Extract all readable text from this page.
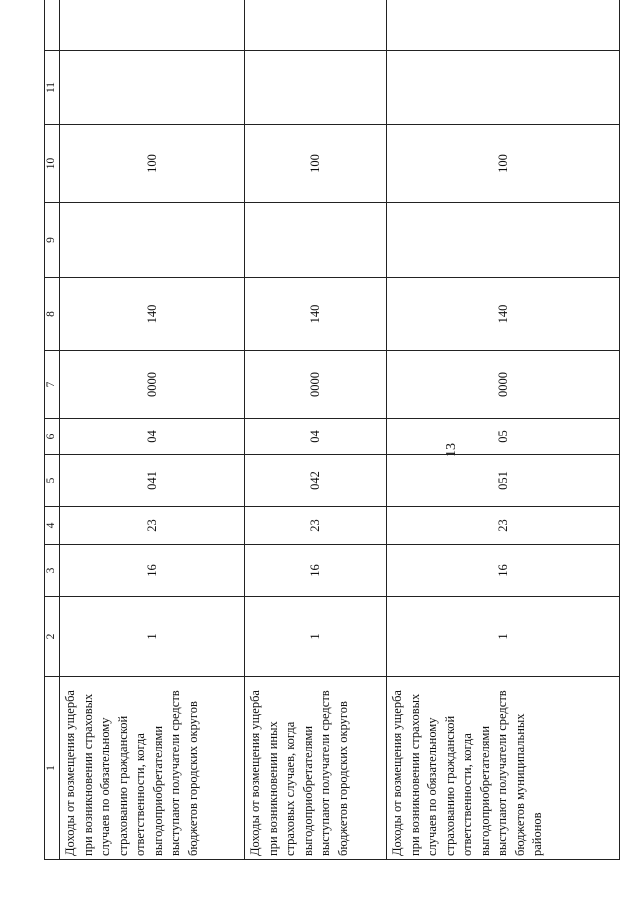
13
1	2	3	4	5	6	7	8	9	10	11	
Доходы от возмещения ущерба при возникновении страховых случаев по обязательному страхованию гражданской ответственности, когда выгодоприобретателями выступают получатели средств бюджетов городских округов	1	16	23	041	04	0000	140		100		
Доходы от возмещения ущерба при возникновении иных страховых случаев, когда выгодоприобретателями выступают получатели средств бюджетов городских округов	1	16	23	042	04	0000	140		100		
Доходы от возмещения ущерба при возникновении страховых случаев по обязательному страхованию гражданской ответственности, когда выгодоприобретателями выступают получатели средств бюджетов муниципальных районов	1	16	23	051	05	0000	140		100		
